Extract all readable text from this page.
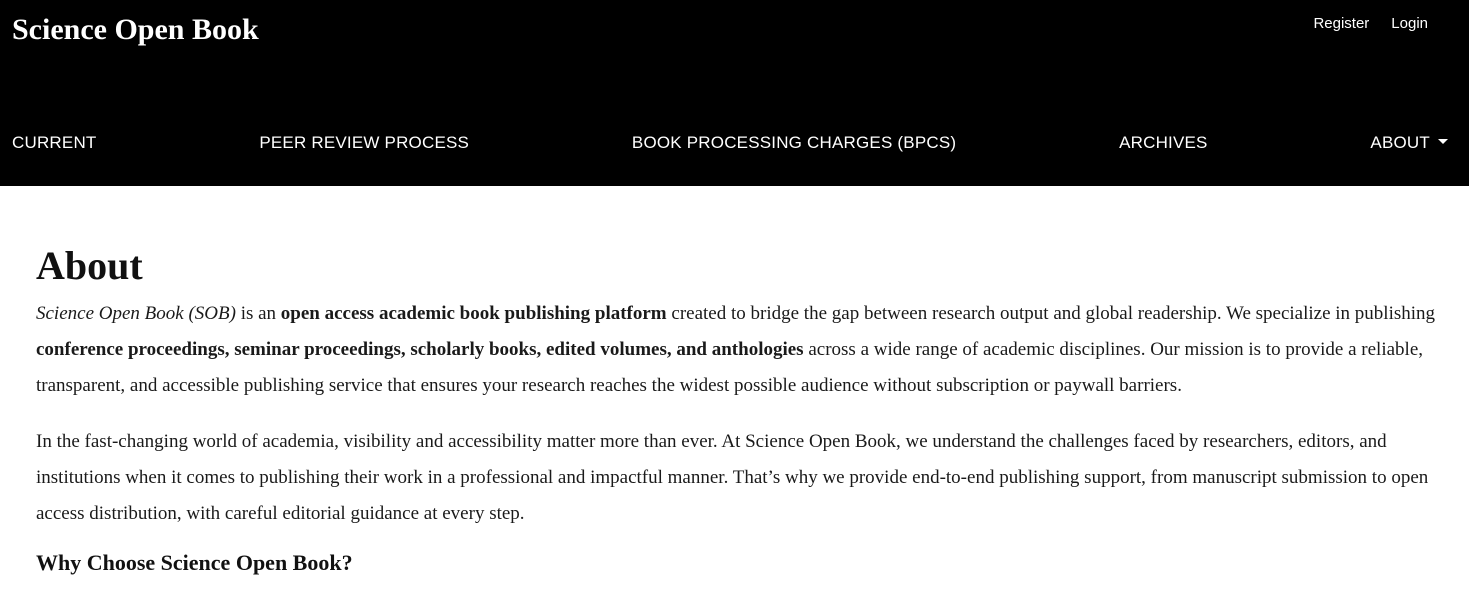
Science Open Book	Register Login
CURRENT	PEER REVIEW PROCESS	BOOK PROCESSING CHARGES (BPCS)	ARCHIVES	ABOUT
About

Science Open Book (SOB) is an open access academic book publishing platform created to bridge the gap between research output and global readership. We specialize in publishing conference proceedings, seminar proceedings, scholarly books, edited volumes, and anthologies across a wide range of academic disciplines. Our mission is to provide a reliable, transparent, and accessible publishing service that ensures your research reaches the widest possible audience without subscription or paywall barriers.

In the fast-changing world of academia, visibility and accessibility matter more than ever. At Science Open Book, we understand the challenges faced by researchers, editors, and institutions when it comes to publishing their work in a professional and impactful manner. That’s why we provide end-to-end publishing support, from manuscript submission to open access distribution, with careful editorial guidance at every step.

Why Choose Science Open Book?
